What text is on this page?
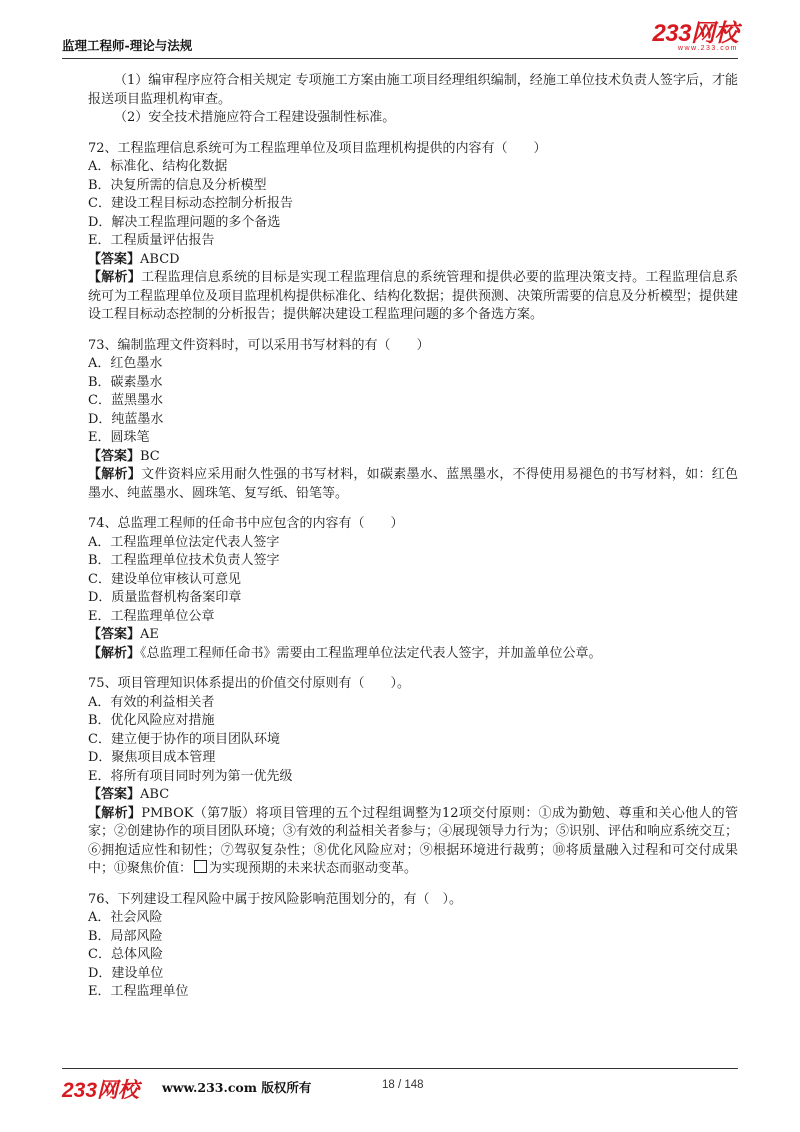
监理工程师-理论与法规	233网校
www.233.com
（1）编审程序应符合相关规定 专项施工方案由施工项目经理组织编制，经施工单位技术负责人签字后，才能报送项目监理机构审查。
（2）安全技术措施应符合工程建设强制性标准。
72、工程监理信息系统可为工程监理单位及项目监理机构提供的内容有（　　）
A．标准化、结构化数据
B．决复所需的信息及分析模型
C．建设工程目标动态控制分析报告
D．解决工程监理问题的多个备选
E．工程质量评估报告
【答案】ABCD
【解析】工程监理信息系统的目标是实现工程监理信息的系统管理和提供必要的监理决策支持。工程监理信息系统可为工程监理单位及项目监理机构提供标准化、结构化数据；提供预测、决策所需要的信息及分析模型；提供建设工程目标动态控制的分析报告；提供解决建设工程监理问题的多个备选方案。
73、编制监理文件资料时，可以采用书写材料的有（　　）
A．红色墨水
B．碳素墨水
C．蓝黑墨水
D．纯蓝墨水
E．圆珠笔
【答案】BC
【解析】文件资料应采用耐久性强的书写材料，如碳素墨水、蓝黑墨水，不得使用易褪色的书写材料，如：红色墨水、纯蓝墨水、圆珠笔、复写纸、铅笔等。
74、总监理工程师的任命书中应包含的内容有（　　）
A．工程监理单位法定代表人签字
B．工程监理单位技术负责人签字
C．建设单位审核认可意见
D．质量监督机构备案印章
E．工程监理单位公章
【答案】AE
【解析】《总监理工程师任命书》需要由工程监理单位法定代表人签字，并加盖单位公章。
75、项目管理知识体系提出的价值交付原则有（　　）。
A．有效的利益相关者
B．优化风险应对措施
C．建立便于协作的项目团队环境
D．聚焦项目成本管理
E．将所有项目同时列为第一优先级
【答案】ABC
【解析】PMBOK（第7版）将项目管理的五个过程组调整为12项交付原则：①成为勤勉、尊重和关心他人的管家；②创建协作的项目团队环境；③有效的利益相关者参与；④展现领导力行为；⑤识别、评估和响应系统交互；⑥拥抱适应性和韧性；⑦驾驭复杂性；⑧优化风险应对；⑨根据环境进行裁剪；⑩将质量融入过程和可交付成果中；⑪聚焦价值： 为实现预期的未来状态而驱动变革。
76、下列建设工程风险中属于按风险影响范围划分的，有（　）。
A．社会风险
B．局部风险
C．总体风险
D．建设单位
E．工程监理单位
233网校 www.233.com 版权所有	18 / 148
